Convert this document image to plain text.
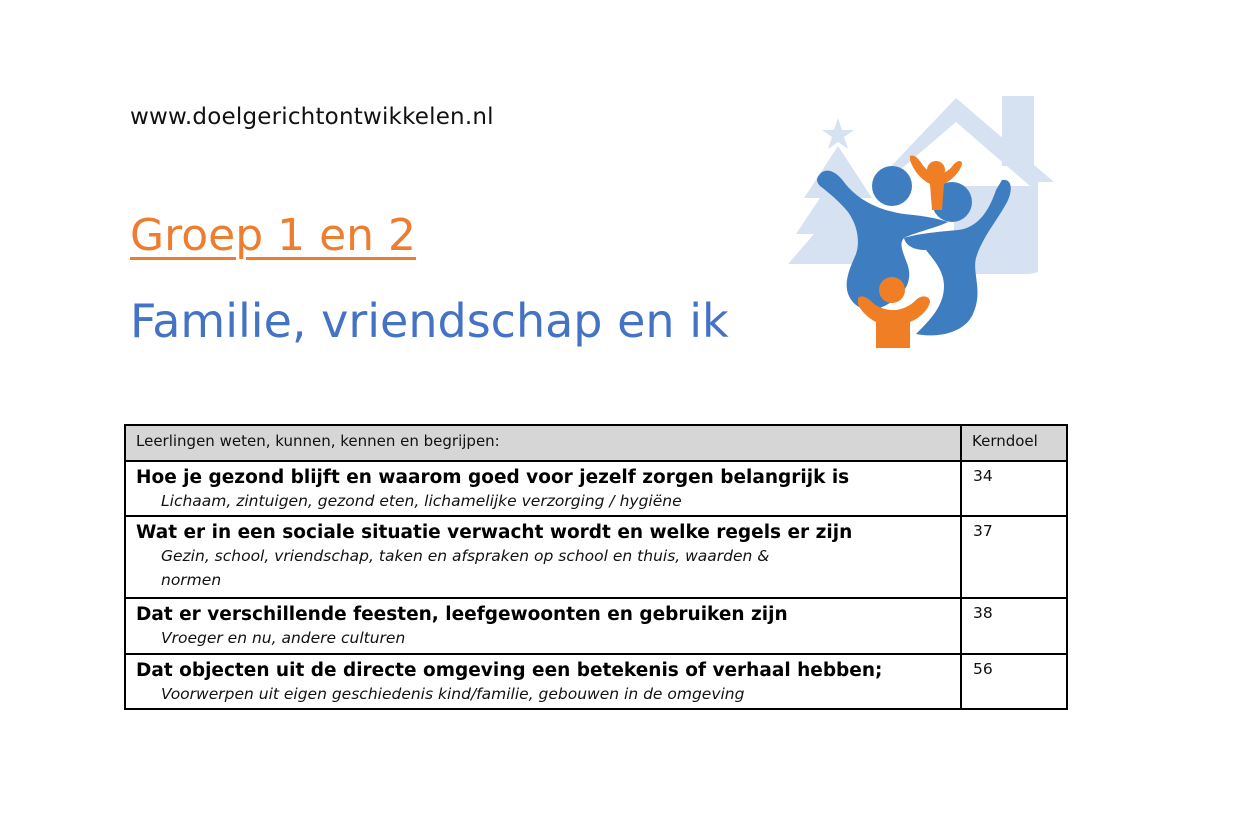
www.doelgerichtontwikkelen.nl
Groep 1 en 2
Familie, vriendschap en ik
Leerlingen weten, kunnen, kennen en begrijpen:	Kerndoel

Hoe je gezond blijft en waarom goed voor jezelf zorgen belangrijk is
Lichaam, zintuigen, gezond eten, lichamelijke verzorging / hygiëne	34

Wat er in een sociale situatie verwacht wordt en welke regels er zijn
Gezin, school, vriendschap, taken en afspraken op school en thuis, waarden & normen	37

Dat er verschillende feesten, leefgewoonten en gebruiken zijn
Vroeger en nu, andere culturen	38

Dat objecten uit de directe omgeving een betekenis of verhaal hebben;
Voorwerpen uit eigen geschiedenis kind/familie, gebouwen in de omgeving	56
